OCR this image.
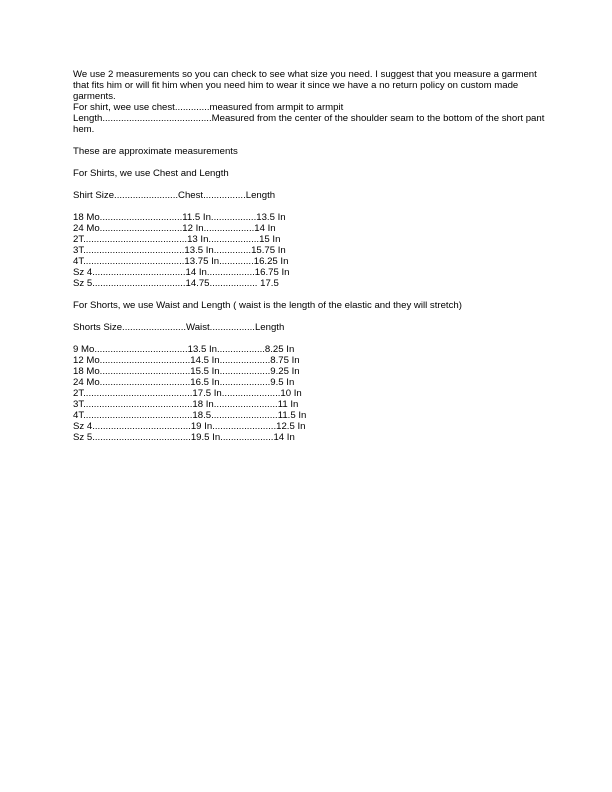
We use 2 measurements so you can check to see what size you need. I suggest that you measure a garment that fits him or will fit him when you need him to wear it since we have a no return policy on custom made garments.
For shirt, wee use chest.............measured from armpit to armpit
Length.........................................Measured from the center of the shoulder seam to the bottom of the short pant hem.
These are approximate measurements
For Shirts, we use Chest and Length
Shirt Size........................Chest................Length
18 Mo...............................11.5 In.................13.5 In
24 Mo...............................12 In...................14 In
2T.......................................13 In...................15 In
3T......................................13.5 In..............15.75 In
4T......................................13.75 In.............16.25 In
Sz 4...................................14 In..................16.75 In
Sz 5...................................14.75.................. 17.5
For Shorts, we use Waist and Length ( waist is the length of the elastic and they will stretch)
Shorts Size........................Waist.................Length
9 Mo...................................13.5 In..................8.25 In
12 Mo..................................14.5 In...................8.75 In
18 Mo..................................15.5 In...................9.25 In
24 Mo..................................16.5 In...................9.5 In
2T.........................................17.5 In......................10 In
3T.........................................18 In........................11 In
4T.........................................18.5.........................11.5 In
Sz 4.....................................19 In........................12.5 In
Sz 5.....................................19.5 In....................14 In
